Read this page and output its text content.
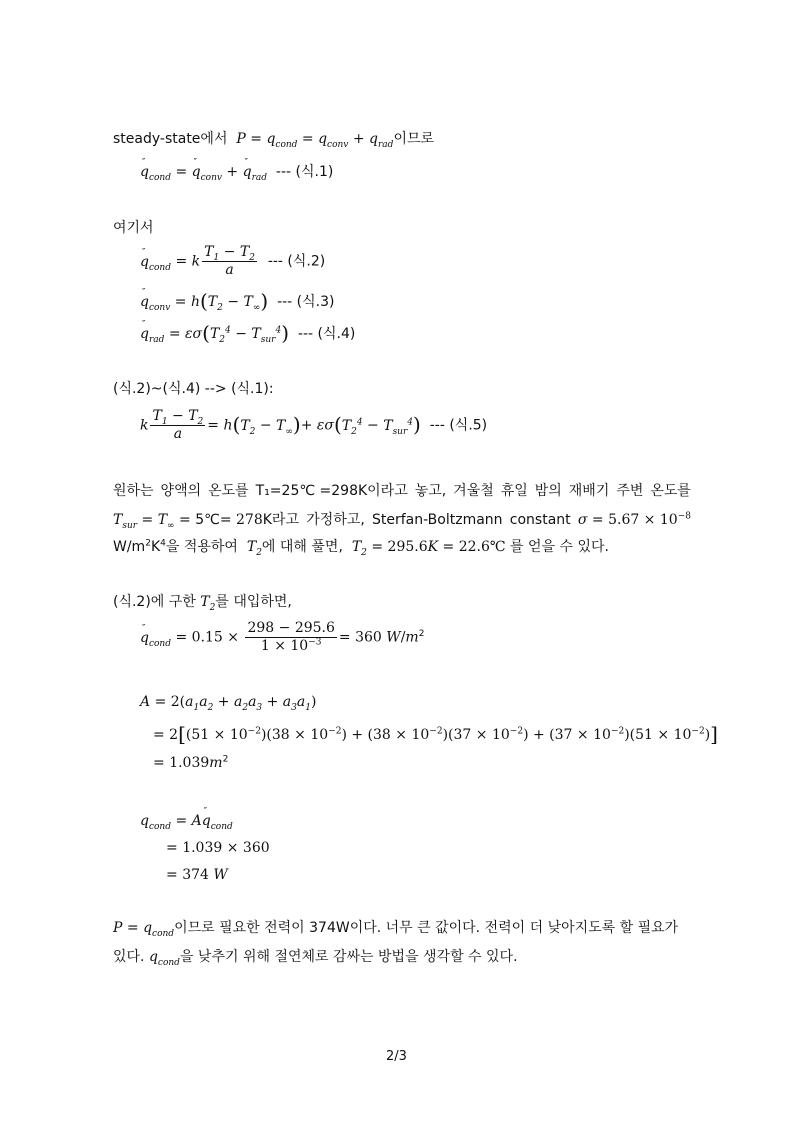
steady-state에서  $P = q_{cond} = q_{conv} + q_{rad}$이므로
″ $q_{cond}$ = ″ $q_{conv}$ + ″ $q_{rad}$ --- (식.1)
여기서
″ $q_{cond} = k \frac{T_1 - T_2}{a}$ --- (식.2)
″ $q_{conv} = h(T_2 - T_\infty)$ --- (식.3)
″ $q_{rad} = \varepsilon\sigma(T_2^4 - T_{sur}^4)$ --- (식.4)
(식.2)~(식.4) --> (식.1):
k $\frac{T_1 - T_2}{a} = h(T_2 - T_\infty)+ \varepsilon\sigma(T_2^4 - T_{sur}^4)$ --- (식.5)
원하는 양액의 온도를 T₁=25℃ =298K이라고 놓고, 겨울철 휴일 밤의 재배기 주변 온도를
$T_{sur} = T_\infty$ = 5℃= 278K라고 가정하고, Sterfan-Boltzmann constant $\sigma = 5.67 \times 10^{-8}$
$W/m^2K^4$을 적용하여 $T_2$에 대해 풀면, $T_2 = 295.6K$ = 22.6℃ 를 얻을 수 있다.
(식.2)에 구한 $T_2$를 대입하면,
″ $q_{cond} = 0.15 \times \frac{298 - 295.6}{1 \times 10^{-3}} = 360$ $W/m^2$
$A = 2(a_1a_2 + a_2a_3 + a_3a_1)$
= $2[(51 \times 10^{-2})(38 \times 10^{-2}) + (38 \times 10^{-2})(37 \times 10^{-2}) + (37 \times 10^{-2})(51 \times 10^{-2})]$
= $1.039m^2$
$q_{cond} = A''$ $q_{cond}$
= 1.039 × 360
= 374 W
$P = q_{cond}$이므로 필요한 전력이 374W이다. 너무 큰 값이다. 전력이 더 낮아지도록 할 필요가
있다. $q_{cond}$을 낮추기 위해 절연체로 감싸는 방법을 생각할 수 있다.
2/3
